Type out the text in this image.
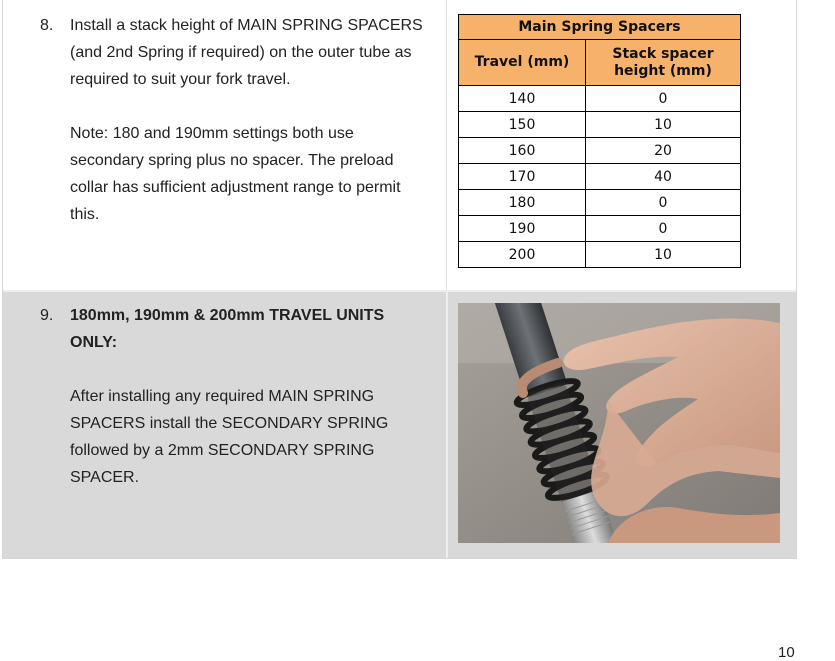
8. Install a stack height of MAIN SPRING SPACERS
(and 2nd Spring if required) on the outer tube as
required to suit your fork travel.
Note: 180 and 190mm settings both use
secondary spring plus no spacer. The preload
collar has sufficient adjustment range to permit
this.
Main Spring Spacers	
Travel (mm)	Stack spacer
height (mm)

140	0
150	10
160	20
170	40
180	0
190	0
200	10
9. 180mm, 190mm & 200mm TRAVEL UNITS
ONLY:
After installing any required MAIN SPRING
SPACERS install the SECONDARY SPRING
followed by a 2mm SECONDARY SPRING
SPACER.
10
